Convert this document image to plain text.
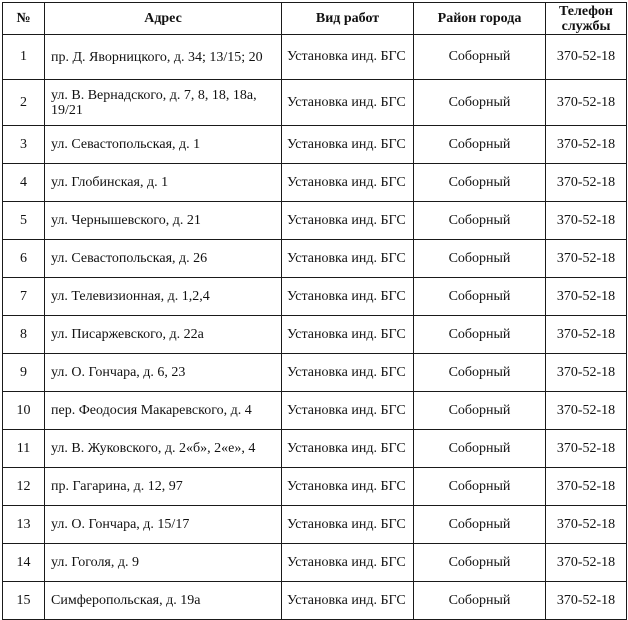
№	Адрес	Вид работ	Район города	Телефон службы
1	пр. Д. Яворницкого, д. 34; 13/15; 20	Установка инд. БГС	Соборный	370-52-18
2	ул. В. Вернадского, д. 7, 8, 18, 18а, 19/21	Установка инд. БГС	Соборный	370-52-18
3	ул. Севастопольская, д. 1	Установка инд. БГС	Соборный	370-52-18
4	ул. Глобинская, д. 1	Установка инд. БГС	Соборный	370-52-18
5	ул. Чернышевского, д. 21	Установка инд. БГС	Соборный	370-52-18
6	ул. Севастопольская, д. 26	Установка инд. БГС	Соборный	370-52-18
7	ул. Телевизионная, д. 1,2,4	Установка инд. БГС	Соборный	370-52-18
8	ул. Писаржевского, д. 22а	Установка инд. БГС	Соборный	370-52-18
9	ул. О. Гончара, д. 6, 23	Установка инд. БГС	Соборный	370-52-18
10	пер. Феодосия Макаревского, д. 4	Установка инд. БГС	Соборный	370-52-18
11	ул. В. Жуковского, д. 2«б», 2«е», 4	Установка инд. БГС	Соборный	370-52-18
12	пр. Гагарина, д. 12, 97	Установка инд. БГС	Соборный	370-52-18
13	ул. О. Гончара, д. 15/17	Установка инд. БГС	Соборный	370-52-18
14	ул. Гоголя, д. 9	Установка инд. БГС	Соборный	370-52-18
15	Симферопольская, д. 19а	Установка инд. БГС	Соборный	370-52-18
